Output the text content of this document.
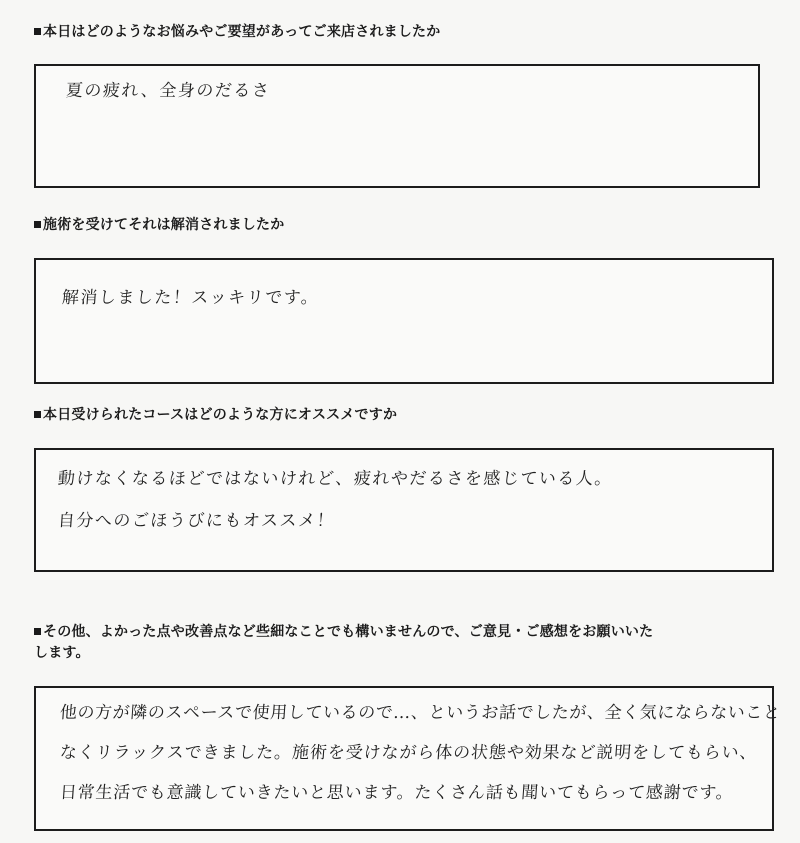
本日はどのようなお悩みやご要望があってご来店されましたか
夏の疲れ、全身のだるさ
施術を受けてそれは解消されましたか
解消しました！スッキリです。
本日受けられたコースはどのような方にオススメですか
動けなくなるほどではないけれど、疲れやだるさを感じている人。
自分へのごほうびにもオススメ！
その他、よかった点や改善点など些細なことでも構いませんので、ご意見・ご感想をお願いいた
します。
他の方が隣のスペースで使用しているので…、というお話でしたが、全く気にならないこと
なくリラックスできました。施術を受けながら体の状態や効果など説明をしてもらい、
日常生活でも意識していきたいと思います。たくさん話も聞いてもらって感謝です。
